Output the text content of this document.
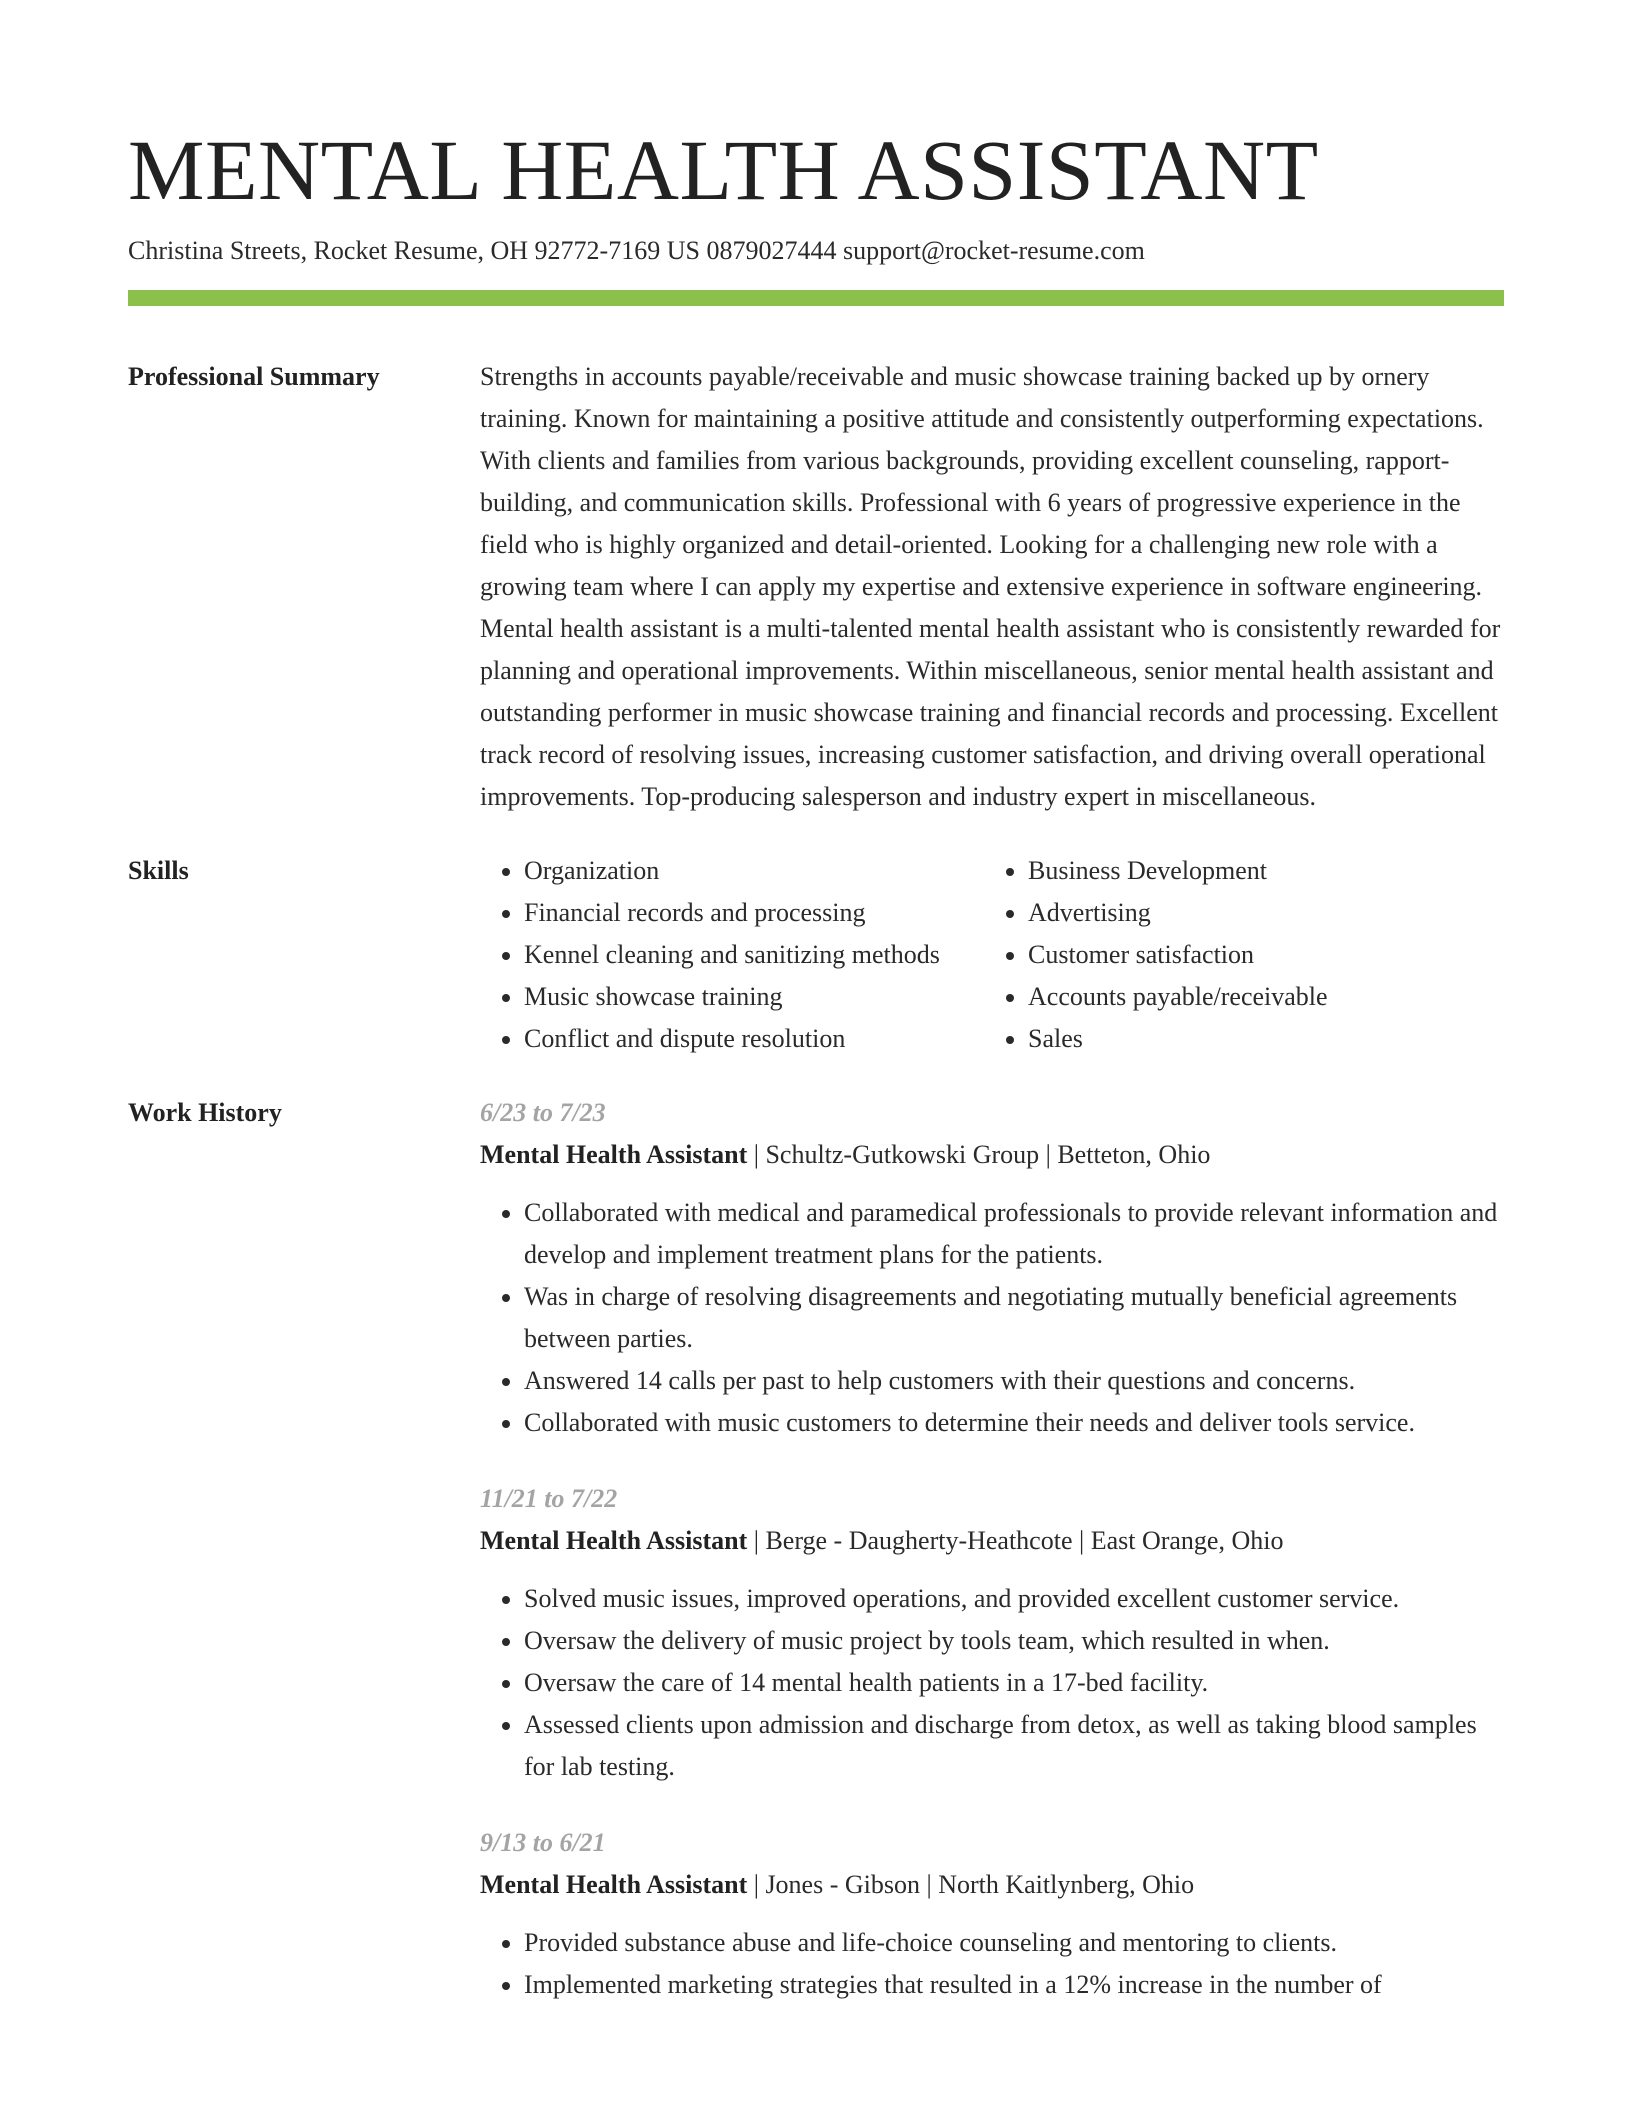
MENTAL HEALTH ASSISTANT
Christina Streets, Rocket Resume, OH 92772-7169 US 0879027444 support@rocket-resume.com
Professional Summary	Strengths in accounts payable/receivable and music showcase training backed up by ornery training. Known for maintaining a positive attitude and consistently outperforming expectations. With clients and families from various backgrounds, providing excellent counseling, rapport-building, and communication skills. Professional with 6 years of progressive experience in the field who is highly organized and detail-oriented. Looking for a challenging new role with a growing team where I can apply my expertise and extensive experience in software engineering. Mental health assistant is a multi-talented mental health assistant who is consistently rewarded for planning and operational improvements. Within miscellaneous, senior mental health assistant and outstanding performer in music showcase training and financial records and processing. Excellent track record of resolving issues, increasing customer satisfaction, and driving overall operational improvements. Top-producing salesperson and industry expert in miscellaneous.

Skills
•	Organization
• Financial records and processing
• Kennel cleaning and sanitizing methods
• Music showcase training
• Conflict and dispute resolution
• Business Development
• Advertising
• Customer satisfaction
• Accounts payable/receivable
• Sales
Work History	6/23 to 7/23
Mental Health Assistant | Schultz-Gutkowski Group | Betteton, Ohio
• Collaborated with medical and paramedical professionals to provide relevant information and develop and implement treatment plans for the patients.
• Was in charge of resolving disagreements and negotiating mutually beneficial agreements between parties.
• Answered 14 calls per past to help customers with their questions and concerns.
• Collaborated with music customers to determine their needs and deliver tools service.
11/21 to 7/22
Mental Health Assistant | Berge - Daugherty-Heathcote | East Orange, Ohio
• Solved music issues, improved operations, and provided excellent customer service.
• Oversaw the delivery of music project by tools team, which resulted in when.
• Oversaw the care of 14 mental health patients in a 17-bed facility.
• Assessed clients upon admission and discharge from detox, as well as taking blood samples for lab testing.
9/13 to 6/21
Mental Health Assistant | Jones - Gibson | North Kaitlynberg, Ohio
• Provided substance abuse and life-choice counseling and mentoring to clients.
• Implemented marketing strategies that resulted in a 12% increase in the number of
